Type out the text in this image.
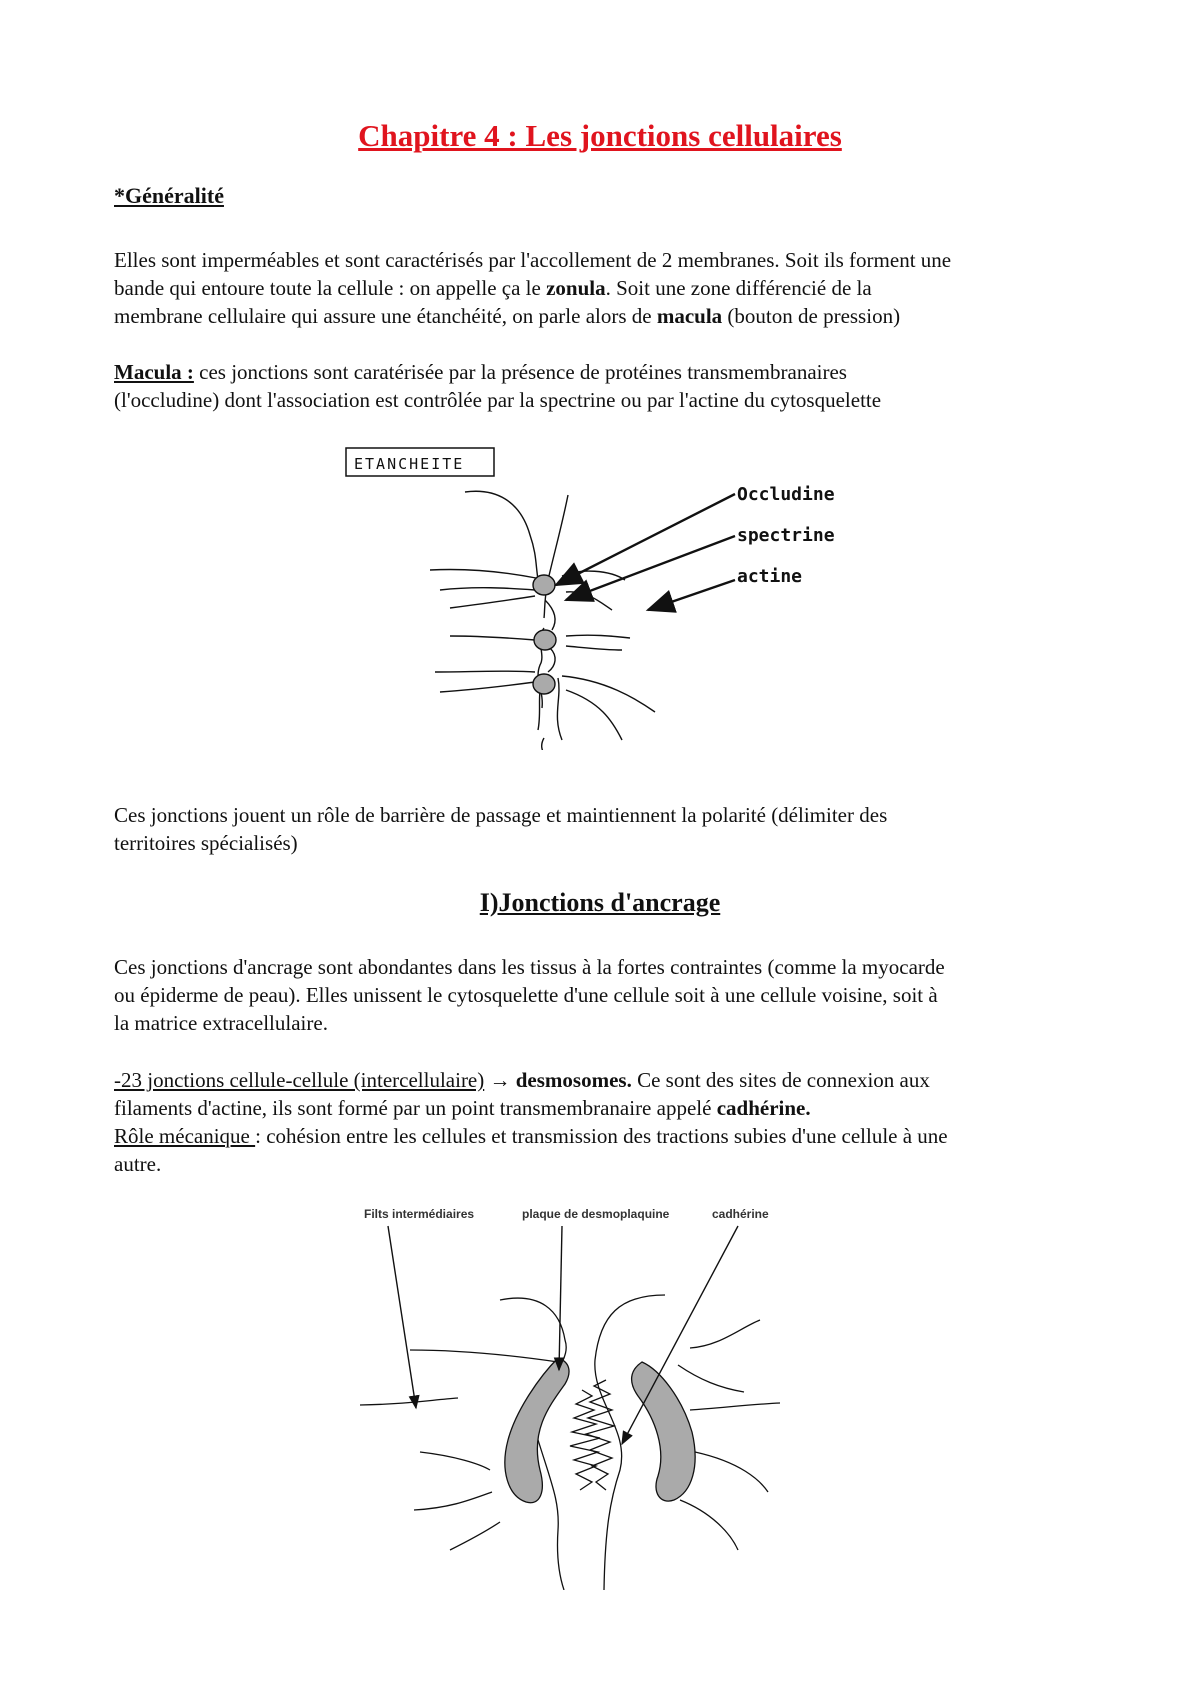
Chapitre 4 : Les jonctions cellulaires
*Généralité
Elles sont imperméables et sont caractérisés par l'accollement de 2 membranes. Soit ils forment une
bande qui entoure toute la cellule : on appelle ça le zonula. Soit une zone différencié de la
membrane cellulaire qui assure une étanchéité, on parle alors de macula (bouton de pression)
Macula : ces jonctions sont caratérisée par la présence de protéines transmembranaires
(l'occludine) dont l'association est contrôlée par la spectrine ou par l'actine du cytosquelette
ETANCHEITE
Occludine
spectrine
actine
Ces jonctions jouent un rôle de barrière de passage et maintiennent la polarité (délimiter des
territoires spécialisés)
I)Jonctions d'ancrage
Ces jonctions d'ancrage sont abondantes dans les tissus à la fortes contraintes (comme la myocarde
ou épiderme de peau). Elles unissent le cytosquelette d'une cellule soit à une cellule voisine, soit à
la matrice extracellulaire.
-23 jonctions cellule-cellule (intercellulaire) → desmosomes. Ce sont des sites de connexion aux
filaments d'actine, ils sont formé par un point transmembranaire appelé cadhérine.
Rôle mécanique : cohésion entre les cellules et transmission des tractions subies d'une cellule à une
autre.
Filts intermédiaires	plaque de desmoplaquine	cadhérine
